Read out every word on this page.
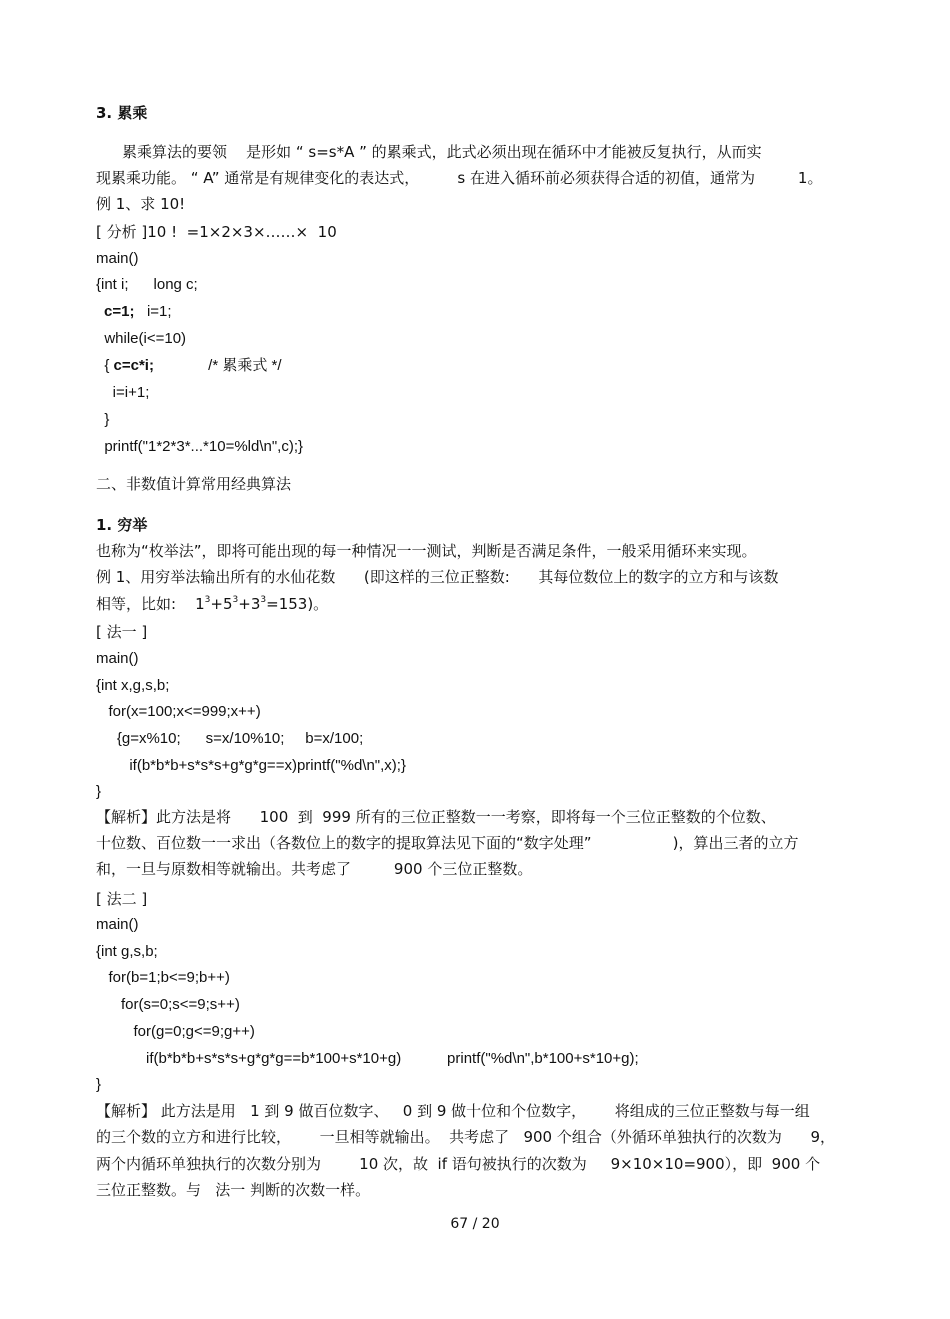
3. 累乘

累乘算法的要领    是形如 “ s=s*A ” 的累乘式，此式必须出现在循环中才能被反复执行，从而实

现累乘功能。 “ A” 通常是有规律变化的表达式，        s 在进入循环前必须获得合适的初值，通常为         1。

例 1、求 10!

[ 分析 ]10 !  =1×2×3×……×  10

main()

{int i;      long c;

c=1;   i=1;

while(i<=10)

{ c=c*i;             /* 累乘式 */

i=i+1;

}

printf("1*2*3*...*10=%ld\n",c);}

二、非数值计算常用经典算法

1. 穷举

也称为“枚举法”，即将可能出现的每一种情况一一测试，判断是否满足条件，一般采用循环来实现。

例 1、用穷举法输出所有的水仙花数      (即这样的三位正整数:      其每位数位上的数字的立方和与该数

相等，比如:    $1^3+5^3+3^3=153$)。

[ 法一 ]

main()

{int x,g,s,b;

for(x=100;x<=999;x++)

{g=x%10;      s=x/10%10;     b=x/100;

if(b*b*b+s*s*s+g*g*g==x)printf("%d\n",x);}

}

【解析】此方法是将      100  到  999 所有的三位正整数一一考察，即将每一个三位正整数的个位数、

十位数、百位数一一求出（各数位上的数字的提取算法见下面的“数字处理”                 )，算出三者的立方

和，一旦与原数相等就输出。共考虑了         900 个三位正整数。

[ 法二 ]

main()

{int g,s,b;

for(b=1;b<=9;b++)

for(s=0;s<=9;s++)

for(g=0;g<=9;g++)

if(b*b*b+s*s*s+g*g*g==b*100+s*10+g)           printf("%d\n",b*100+s*10+g);

}

【解析】 此方法是用   1 到 9 做百位数字、   0 到 9 做十位和个位数字，      将组成的三位正整数与每一组

的三个数的立方和进行比较，      一旦相等就输出。  共考虑了   900 个组合（外循环单独执行的次数为      9，

两个内循环单独执行的次数分别为        10 次，故  if 语句被执行的次数为     9×10×10=900），即  900 个

三位正整数。与   法一 判断的次数一样。

67 / 20
